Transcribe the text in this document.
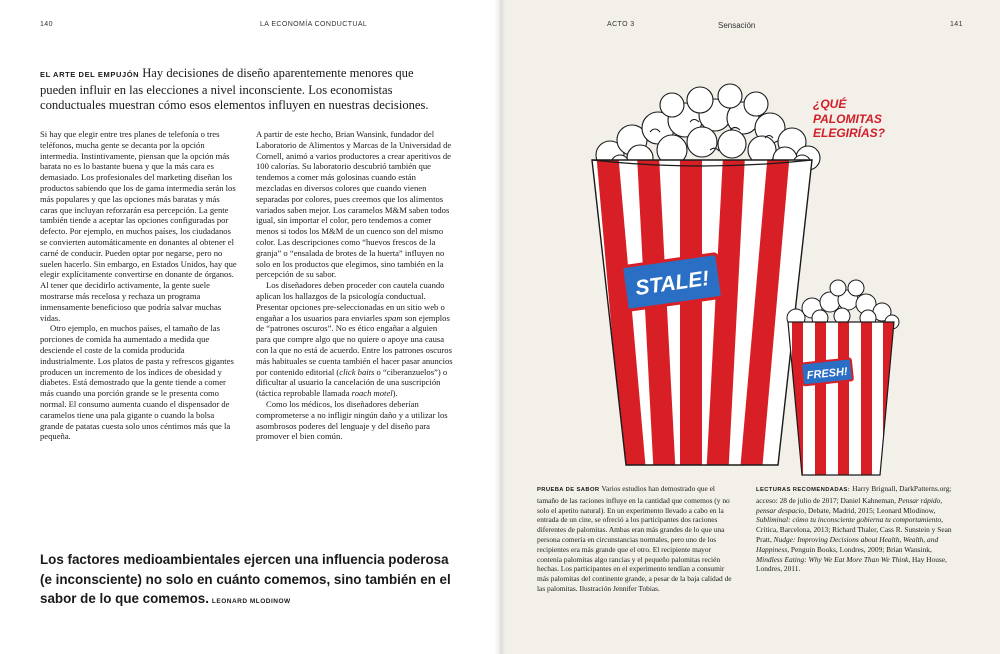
140	LA ECONOMÍA CONDUCTUAL	ACTO 3	Sensación	141
EL ARTE DEL EMPUJÓN Hay decisiones de diseño aparentemente menores que pueden influir en las elecciones a nivel inconsciente. Los economistas conductuales muestran cómo esos elementos influyen en nuestras decisiones.

Si hay que elegir entre tres planes de telefonía o tres teléfonos, mucha gente se decanta por la opción intermedia. Instintivamente, piensan que la opción más barata no es lo bastante buena y que la más cara es demasiado. Los profesionales del marketing diseñan los productos sabiendo que los de gama intermedia serán los más populares y que las opciones más baratas y más caras que incluyan reforzarán esa percepción. La gente también tiende a aceptar las opciones configuradas por defecto. Por ejemplo, en muchos países, los ciudadanos se convierten automáticamente en donantes al obtener el carné de conducir. Pueden optar por negarse, pero no suelen hacerlo. Sin embargo, en Estados Unidos, hay que elegir explícitamente convertirse en donante de órganos. Al tener que decidirlo activamente, la gente suele mostrarse más recelosa y rechaza un programa inmensamente beneficioso que podría salvar muchas vidas.

Otro ejemplo, en muchos países, el tamaño de las porciones de comida ha aumentado a medida que desciende el coste de la comida producida industrialmente. Los platos de pasta y refrescos gigantes producen un incremento de los índices de obesidad y diabetes. Está demostrado que la gente tiende a comer más cuando una porción grande se le presenta como normal. El consumo aumenta cuando el dispensador de caramelos tiene una pala gigante o cuando la bolsa grande de patatas cuesta solo unos céntimos más que la pequeña.

A partir de este hecho, Brian Wansink, fundador del Laboratorio de Alimentos y Marcas de la Universidad de Cornell, animó a varios productores a crear aperitivos de 100 calorías. Su laboratorio descubrió también que tendemos a comer más golosinas cuando están mezcladas en diversos colores que cuando vienen separadas por colores, pues creemos que los alimentos variados saben mejor. Los caramelos M&M saben todos igual, sin importar el color, pero tendemos a comer menos si todos los M&M de un cuenco son del mismo color. Las descripciones como “huevos frescos de la granja” o “ensalada de brotes de la huerta” influyen no solo en los productos que elegimos, sino también en la percepción de su sabor.

Los diseñadores deben proceder con cautela cuando aplican los hallazgos de la psicología conductual. Presentar opciones pre-seleccionadas en un sitio web o engañar a los usuarios para enviarles spam son ejemplos de “patrones oscuros”. No es ético engañar a alguien para que compre algo que no quiere o apoye una causa con la que no está de acuerdo. Entre los patrones oscuros más habituales se cuenta también el hacer pasar anuncios por contenido editorial (click baits o “ciberanzuelos”) o dificultar al usuario la cancelación de una suscripción (táctica reprobable llamada roach motel).

Como los médicos, los diseñadores deberían comprometerse a no infligir ningún daño y a utilizar los asombrosos poderes del lenguaje y del diseño para promover el bien común.

Los factores medioambientales ejercen una influencia poderosa (e inconsciente) no solo en cuánto comemos, sino también en el sabor de lo que comemos. LEONARD MLODINOW
STALE!
FRESH!
¿QUÉ PALOMITAS ELEGIRÍAS?

PRUEBA DE SABOR Varios estudios han demostrado que el tamaño de las raciones influye en la cantidad que comemos (y no solo el apetito natural). En un experimento llevado a cabo en la entrada de un cine, se ofreció a los participantes dos raciones diferentes de palomitas. Ambas eran más grandes de lo que una persona comería en circunstancias normales, pero uno de los recipientes era más grande que el otro. El recipiente mayor contenía palomitas algo rancias y el pequeño palomitas recién hechas. Los participantes en el experimento tendían a consumir más palomitas del continente grande, a pesar de la baja calidad de las palomitas. Ilustración Jennifer Tobias.

LECTURAS RECOMENDADAS: Harry Brignall, DarkPatterns.org; acceso: 28 de julio de 2017; Daniel Kahneman, Pensar rápido, pensar despacio, Debate, Madrid, 2015; Leonard Mlodinow, Subliminal: cómo tu inconsciente gobierna tu comportamiento, Crítica, Barcelona, 2013; Richard Thaler, Cass R. Sunstein y Sean Pratt, Nudge: Improving Decisions about Health, Wealth, and Happiness, Penguin Books, Londres, 2009; Brian Wansink, Mindless Eating: Why We Eat More Than We Think, Hay House, Londres, 2011.
